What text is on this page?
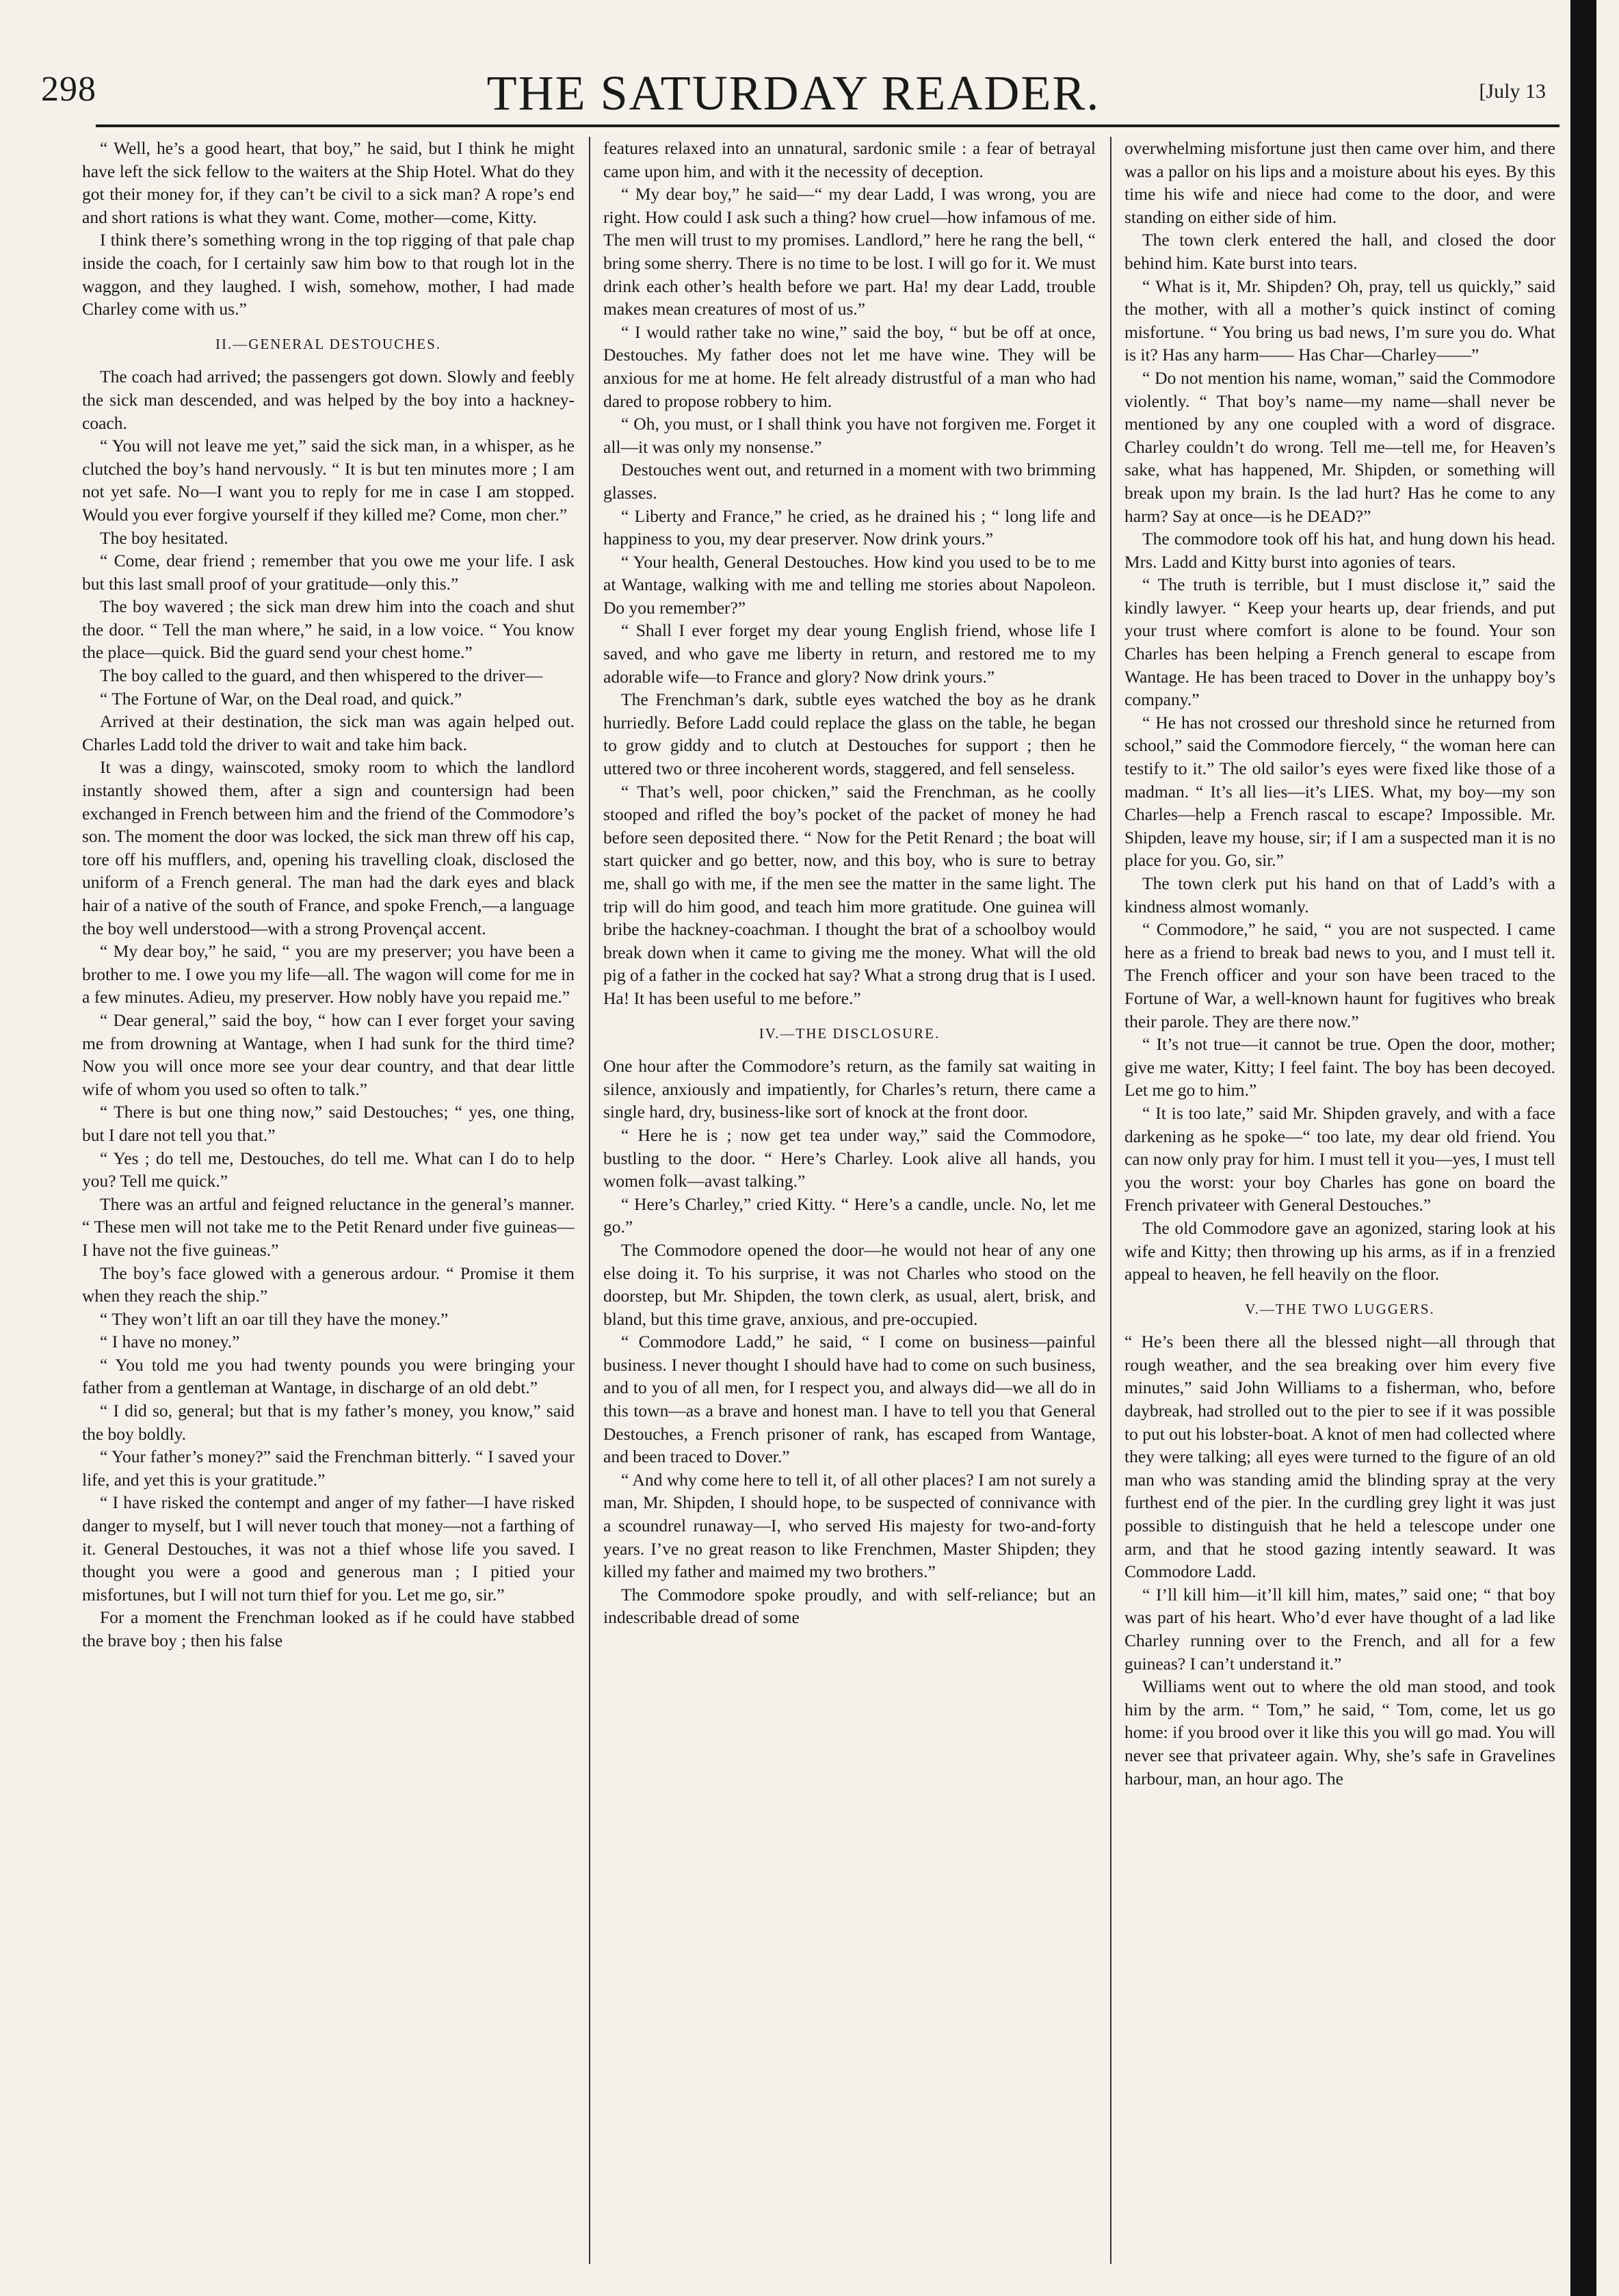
298	THE SATURDAY READER.	[July 13

“ Well, he’s a good heart, that boy,” he said, but I think he might have left the sick fellow to the waiters at the Ship Hotel. What do they got their money for, if they can’t be civil to a sick man? A rope’s end and short rations is what they want. Come, mother—come, Kitty.

I think there’s something wrong in the top rigging of that pale chap inside the coach, for I certainly saw him bow to that rough lot in the waggon, and they laughed. I wish, somehow, mother, I had made Charley come with us.”

II.—GENERAL DESTOUCHES.

The coach had arrived; the passengers got down. Slowly and feebly the sick man descended, and was helped by the boy into a hackney-coach.

“ You will not leave me yet,” said the sick man, in a whisper, as he clutched the boy’s hand nervously. “ It is but ten minutes more ; I am not yet safe. No—I want you to reply for me in case I am stopped. Would you ever forgive yourself if they killed me? Come, mon cher.”

The boy hesitated.

“ Come, dear friend ; remember that you owe me your life. I ask but this last small proof of your gratitude—only this.”

The boy wavered ; the sick man drew him into the coach and shut the door. “ Tell the man where,” he said, in a low voice. “ You know the place—quick. Bid the guard send your chest home.”

The boy called to the guard, and then whispered to the driver—

“ The Fortune of War, on the Deal road, and quick.”

Arrived at their destination, the sick man was again helped out. Charles Ladd told the driver to wait and take him back.

It was a dingy, wainscoted, smoky room to which the landlord instantly showed them, after a sign and countersign had been exchanged in French between him and the friend of the Commodore’s son. The moment the door was locked, the sick man threw off his cap, tore off his mufflers, and, opening his travelling cloak, disclosed the uniform of a French general. The man had the dark eyes and black hair of a native of the south of France, and spoke French,—a language the boy well understood—with a strong Provençal accent.

“ My dear boy,” he said, “ you are my preserver; you have been a brother to me. I owe you my life—all. The wagon will come for me in a few minutes. Adieu, my preserver. How nobly have you repaid me.”

“ Dear general,” said the boy, “ how can I ever forget your saving me from drowning at Wantage, when I had sunk for the third time? Now you will once more see your dear country, and that dear little wife of whom you used so often to talk.”

“ There is but one thing now,” said Destouches; “ yes, one thing, but I dare not tell you that.”

“ Yes ; do tell me, Destouches, do tell me. What can I do to help you? Tell me quick.”

There was an artful and feigned reluctance in the general’s manner. “ These men will not take me to the Petit Renard under five guineas—I have not the five guineas.”

The boy’s face glowed with a generous ardour. “ Promise it them when they reach the ship.”

“ They won’t lift an oar till they have the money.”

“ I have no money.”

“ You told me you had twenty pounds you were bringing your father from a gentleman at Wantage, in discharge of an old debt.”

“ I did so, general; but that is my father’s money, you know,” said the boy boldly.

“ Your father’s money?” said the Frenchman bitterly. “ I saved your life, and yet this is your gratitude.”

“ I have risked the contempt and anger of my father—I have risked danger to myself, but I will never touch that money—not a farthing of it. General Destouches, it was not a thief whose life you saved. I thought you were a good and generous man ; I pitied your misfortunes, but I will not turn thief for you. Let me go, sir.”

For a moment the Frenchman looked as if he could have stabbed the brave boy ; then his false

features relaxed into an unnatural, sardonic smile : a fear of betrayal came upon him, and with it the necessity of deception.

“ My dear boy,” he said—“ my dear Ladd, I was wrong, you are right. How could I ask such a thing? how cruel—how infamous of me. The men will trust to my promises. Landlord,” here he rang the bell, “ bring some sherry. There is no time to be lost. I will go for it. We must drink each other’s health before we part. Ha! my dear Ladd, trouble makes mean creatures of most of us.”

“ I would rather take no wine,” said the boy, “ but be off at once, Destouches. My father does not let me have wine. They will be anxious for me at home. He felt already distrustful of a man who had dared to propose robbery to him.

“ Oh, you must, or I shall think you have not forgiven me. Forget it all—it was only my nonsense.”

Destouches went out, and returned in a moment with two brimming glasses.

“ Liberty and France,” he cried, as he drained his ; “ long life and happiness to you, my dear preserver. Now drink yours.”

“ Your health, General Destouches. How kind you used to be to me at Wantage, walking with me and telling me stories about Napoleon. Do you remember?”

“ Shall I ever forget my dear young English friend, whose life I saved, and who gave me liberty in return, and restored me to my adorable wife—to France and glory? Now drink yours.”

The Frenchman’s dark, subtle eyes watched the boy as he drank hurriedly. Before Ladd could replace the glass on the table, he began to grow giddy and to clutch at Destouches for support ; then he uttered two or three incoherent words, staggered, and fell senseless.

“ That’s well, poor chicken,” said the Frenchman, as he coolly stooped and rifled the boy’s pocket of the packet of money he had before seen deposited there. “ Now for the Petit Renard ; the boat will start quicker and go better, now, and this boy, who is sure to betray me, shall go with me, if the men see the matter in the same light. The trip will do him good, and teach him more gratitude. One guinea will bribe the hackney-coachman. I thought the brat of a schoolboy would break down when it came to giving me the money. What will the old pig of a father in the cocked hat say? What a strong drug that is I used. Ha! It has been useful to me before.”

IV.—THE DISCLOSURE.

One hour after the Commodore’s return, as the family sat waiting in silence, anxiously and impatiently, for Charles’s return, there came a single hard, dry, business-like sort of knock at the front door.

“ Here he is ; now get tea under way,” said the Commodore, bustling to the door. “ Here’s Charley. Look alive all hands, you women folk—avast talking.”

“ Here’s Charley,” cried Kitty. “ Here’s a candle, uncle. No, let me go.”

The Commodore opened the door—he would not hear of any one else doing it. To his surprise, it was not Charles who stood on the doorstep, but Mr. Shipden, the town clerk, as usual, alert, brisk, and bland, but this time grave, anxious, and pre-occupied.

“ Commodore Ladd,” he said, “ I come on business—painful business. I never thought I should have had to come on such business, and to you of all men, for I respect you, and always did—we all do in this town—as a brave and honest man. I have to tell you that General Destouches, a French prisoner of rank, has escaped from Wantage, and been traced to Dover.”

“ And why come here to tell it, of all other places? I am not surely a man, Mr. Shipden, I should hope, to be suspected of connivance with a scoundrel runaway—I, who served His majesty for two-and-forty years. I’ve no great reason to like Frenchmen, Master Shipden; they killed my father and maimed my two brothers.”

The Commodore spoke proudly, and with self-reliance; but an indescribable dread of some

overwhelming misfortune just then came over him, and there was a pallor on his lips and a moisture about his eyes. By this time his wife and niece had come to the door, and were standing on either side of him.

The town clerk entered the hall, and closed the door behind him. Kate burst into tears.

“ What is it, Mr. Shipden? Oh, pray, tell us quickly,” said the mother, with all a mother’s quick instinct of coming misfortune. “ You bring us bad news, I’m sure you do. What is it? Has any harm—— Has Char—Charley——”

“ Do not mention his name, woman,” said the Commodore violently. “ That boy’s name—my name—shall never be mentioned by any one coupled with a word of disgrace. Charley couldn’t do wrong. Tell me—tell me, for Heaven’s sake, what has happened, Mr. Shipden, or something will break upon my brain. Is the lad hurt? Has he come to any harm? Say at once—is he DEAD?”

The commodore took off his hat, and hung down his head. Mrs. Ladd and Kitty burst into agonies of tears.

“ The truth is terrible, but I must disclose it,” said the kindly lawyer. “ Keep your hearts up, dear friends, and put your trust where comfort is alone to be found. Your son Charles has been helping a French general to escape from Wantage. He has been traced to Dover in the unhappy boy’s company.”

“ He has not crossed our threshold since he returned from school,” said the Commodore fiercely, “ the woman here can testify to it.” The old sailor’s eyes were fixed like those of a madman. “ It’s all lies—it’s LIES. What, my boy—my son Charles—help a French rascal to escape? Impossible. Mr. Shipden, leave my house, sir; if I am a suspected man it is no place for you. Go, sir.”

The town clerk put his hand on that of Ladd’s with a kindness almost womanly.

“ Commodore,” he said, “ you are not suspected. I came here as a friend to break bad news to you, and I must tell it. The French officer and your son have been traced to the Fortune of War, a well-known haunt for fugitives who break their parole. They are there now.”

“ It’s not true—it cannot be true. Open the door, mother; give me water, Kitty; I feel faint. The boy has been decoyed. Let me go to him.”

“ It is too late,” said Mr. Shipden gravely, and with a face darkening as he spoke—“ too late, my dear old friend. You can now only pray for him. I must tell it you—yes, I must tell you the worst: your boy Charles has gone on board the French privateer with General Destouches.”

The old Commodore gave an agonized, staring look at his wife and Kitty; then throwing up his arms, as if in a frenzied appeal to heaven, he fell heavily on the floor.

V.—THE TWO LUGGERS.

“ He’s been there all the blessed night—all through that rough weather, and the sea breaking over him every five minutes,” said John Williams to a fisherman, who, before daybreak, had strolled out to the pier to see if it was possible to put out his lobster-boat. A knot of men had collected where they were talking; all eyes were turned to the figure of an old man who was standing amid the blinding spray at the very furthest end of the pier. In the curdling grey light it was just possible to distinguish that he held a telescope under one arm, and that he stood gazing intently seaward. It was Commodore Ladd.

“ I’ll kill him—it’ll kill him, mates,” said one; “ that boy was part of his heart. Who’d ever have thought of a lad like Charley running over to the French, and all for a few guineas? I can’t understand it.”

Williams went out to where the old man stood, and took him by the arm. “ Tom,” he said, “ Tom, come, let us go home: if you brood over it like this you will go mad. You will never see that privateer again. Why, she’s safe in Gravelines harbour, man, an hour ago. The
